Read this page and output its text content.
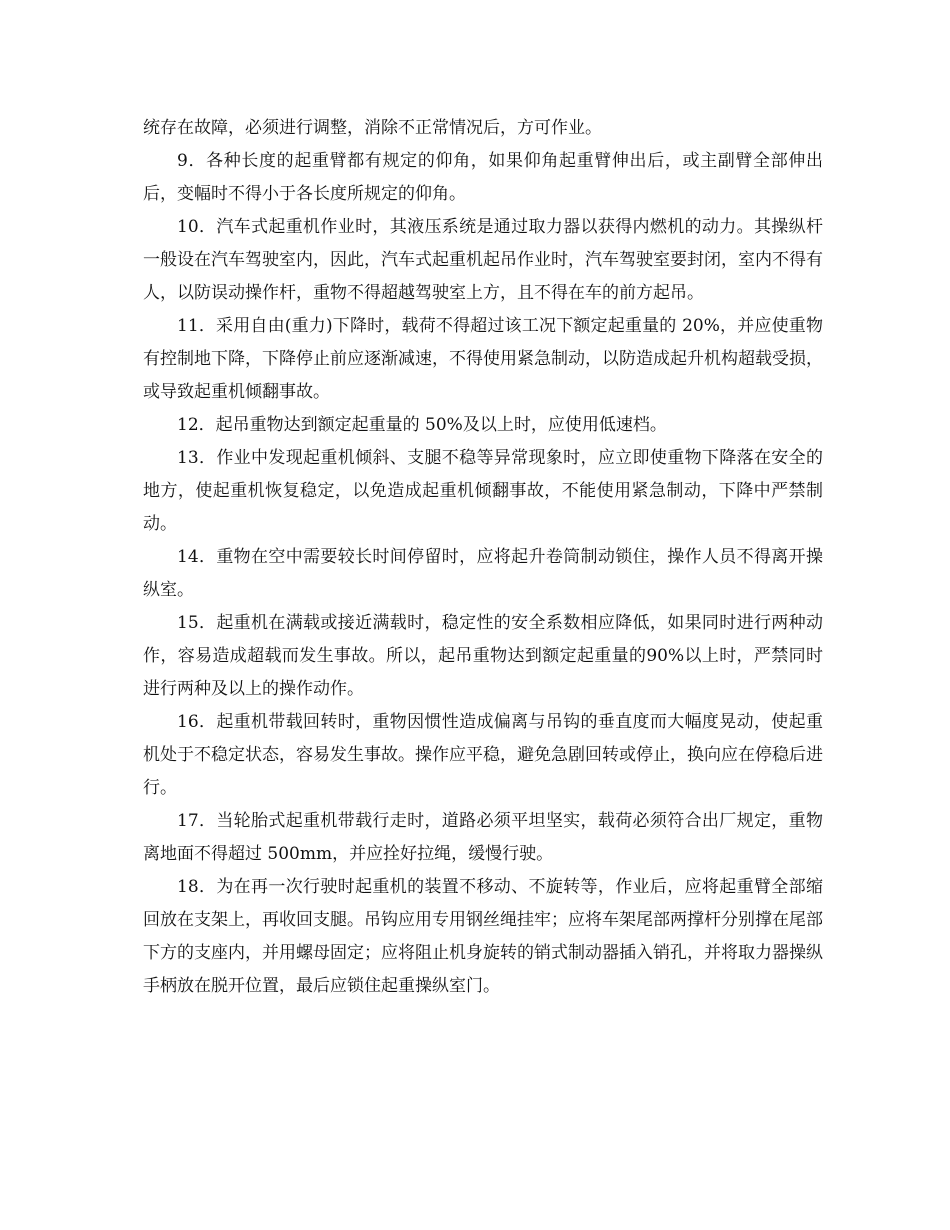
统存在故障，必须进行调整，消除不正常情况后，方可作业。

9．各种长度的起重臂都有规定的仰角，如果仰角起重臂伸出后，或主副臂全部伸出后，变幅时不得小于各长度所规定的仰角。

10．汽车式起重机作业时，其液压系统是通过取力器以获得内燃机的动力。其操纵杆一般设在汽车驾驶室内，因此，汽车式起重机起吊作业时，汽车驾驶室要封闭，室内不得有人，以防误动操作杆，重物不得超越驾驶室上方，且不得在车的前方起吊。

11．采用自由(重力)下降时，载荷不得超过该工况下额定起重量的 20%，并应使重物有控制地下降，下降停止前应逐渐减速，不得使用紧急制动，以防造成起升机构超载受损，或导致起重机倾翻事故。

12．起吊重物达到额定起重量的 50%及以上时，应使用低速档。

13．作业中发现起重机倾斜、支腿不稳等异常现象时，应立即使重物下降落在安全的地方，使起重机恢复稳定，以免造成起重机倾翻事故，不能使用紧急制动，下降中严禁制动。

14．重物在空中需要较长时间停留时，应将起升卷筒制动锁住，操作人员不得离开操纵室。

15．起重机在满载或接近满载时，稳定性的安全系数相应降低，如果同时进行两种动作，容易造成超载而发生事故。所以，起吊重物达到额定起重量的90%以上时，严禁同时进行两种及以上的操作动作。

16．起重机带载回转时，重物因惯性造成偏离与吊钩的垂直度而大幅度晃动，使起重机处于不稳定状态，容易发生事故。操作应平稳，避免急剧回转或停止，换向应在停稳后进行。

17．当轮胎式起重机带载行走时，道路必须平坦坚实，载荷必须符合出厂规定，重物离地面不得超过 500mm，并应拴好拉绳，缓慢行驶。

18．为在再一次行驶时起重机的装置不移动、不旋转等，作业后，应将起重臂全部缩回放在支架上，再收回支腿。吊钩应用专用钢丝绳挂牢；应将车架尾部两撑杆分别撑在尾部下方的支座内，并用螺母固定；应将阻止机身旋转的销式制动器插入销孔，并将取力器操纵手柄放在脱开位置，最后应锁住起重操纵室门。
